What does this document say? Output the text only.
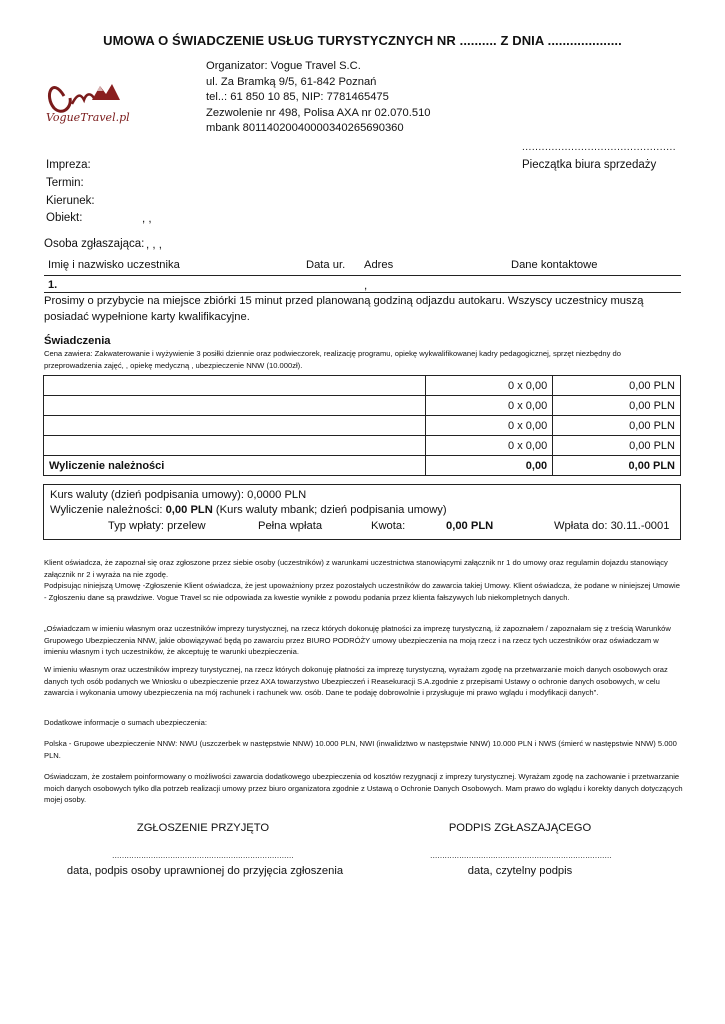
UMOWA O ŚWIADCZENIE USŁUG TURYSTYCZNYCH NR .......... Z DNIA ....................
VogueTravel.pl
Organizator: Vogue Travel S.C.
ul. Za Bramką 9/5, 61-842 Poznań
tel..: 61 850 10 85, NIP: 7781465475
Zezwolenie nr 498, Polisa AXA nr 02.070.510
mbank 80114020040000340265690360
...............................................
Pieczątka biura sprzedaży
Impreza:
Termin:
Kierunek:
Obiekt:	, ,
Osoba zgłaszająca: , , ,
Imię i nazwisko uczestnika	Data ur. Adres	Dane kontaktowe
1.	,
Prosimy o przybycie na miejsce zbiórki 15 minut przed planowaną godziną odjazdu autokaru. Wszyscy uczestnicy muszą posiadać wypełnione karty kwalifikacyjne.
Świadczenia
Cena zawiera: Zakwaterowanie i wyżywienie 3 posiłki dziennie oraz podwieczorek, realizację programu, opiekę wykwalifikowanej kadry pedagogicznej, sprzęt niezbędny do przeprowadzenia zajęć, , opiekę medyczną , ubezpieczenie NNW (10.000zł).
	0 x 0,00	0,00 PLN
	0 x 0,00	0,00 PLN
	0 x 0,00	0,00 PLN
	0 x 0,00	0,00 PLN
Wyliczenie należności	0,00	0,00 PLN
Kurs waluty (dzień podpisania umowy): 0,0000 PLN
Wyliczenie należności: 0,00 PLN (Kurs waluty mbank; dzień podpisania umowy)
Typ wpłaty: przelew	Pełna wpłata	Kwota:	0,00 PLN	Wpłata do: 30.11.-0001
Klient oświadcza, że zapoznał się oraz zgłoszone przez siebie osoby (uczestników) z warunkami uczestnictwa stanowiącymi załącznik nr 1 do umowy oraz regulamin dojazdu stanowiący załącznik nr 2 i wyraża na nie zgodę.
Podpisując niniejszą Umowę -Zgłoszenie Klient oświadcza, że jest upoważniony przez pozostałych uczestników do zawarcia takiej Umowy. Klient oświadcza, że podane w niniejszej Umowie - Zgłoszeniu dane są prawdziwe. Vogue Travel sc nie odpowiada za kwestie wynikłe z powodu podania przez klienta fałszywych lub niekompletnych danych.
„Oświadczam w imieniu własnym oraz uczestników imprezy turystycznej, na rzecz których dokonuję płatności za imprezę turystyczną, iż zapoznałem / zapoznałam się z treścią Warunków Grupowego Ubezpieczenia NNW, jakie obowiązywać będą po zawarciu przez BIURO PODRÓŻY umowy ubezpieczenia na moją rzecz i na rzecz tych uczestników oraz oświadczam w imieniu własnym i tych uczestników, że akceptuję te warunki ubezpieczenia.
W imieniu własnym oraz uczestników imprezy turystycznej, na rzecz których dokonuję płatności za imprezę turystyczną, wyrażam zgodę na przetwarzanie moich danych osobowych oraz danych tych osób podanych we Wniosku o ubezpieczenie przez AXA towarzystwo Ubezpieczeń i Reasekuracji S.A.zgodnie z przepisami Ustawy o ochronie danych osobowych, w celu zawarcia i wykonania umowy ubezpieczenia na mój rachunek i rachunek ww. osób. Dane te podaję dobrowolnie i przysługuje mi prawo wglądu i modyfikacji danych".
Dodatkowe informacje o sumach ubezpieczenia:
Polska - Grupowe ubezpieczenie NNW: NWU (uszczerbek w następstwie NNW) 10.000 PLN, NWI (inwalidztwo w następstwie NNW) 10.000 PLN i NWS (śmierć w następstwie NNW) 5.000 PLN.
Oświadczam, że zostałem poinformowany o możliwości zawarcia dodatkowego ubezpieczenia od kosztów rezygnacji z imprezy turystycznej. Wyrażam zgodę na zachowanie i przetwarzanie moich danych osobowych tylko dla potrzeb realizacji umowy przez biuro organizatora zgodnie z Ustawą o Ochronie Danych Osobowych. Mam prawo do wglądu i korekty danych dotyczących mojej osoby.
ZGŁOSZENIE PRZYJĘTO	PODPIS ZGŁASZAJĄCEGO
...........................................................................	...........................................................................
data, podpis osoby uprawnionej do przyjęcia zgłoszenia	data, czytelny podpis
